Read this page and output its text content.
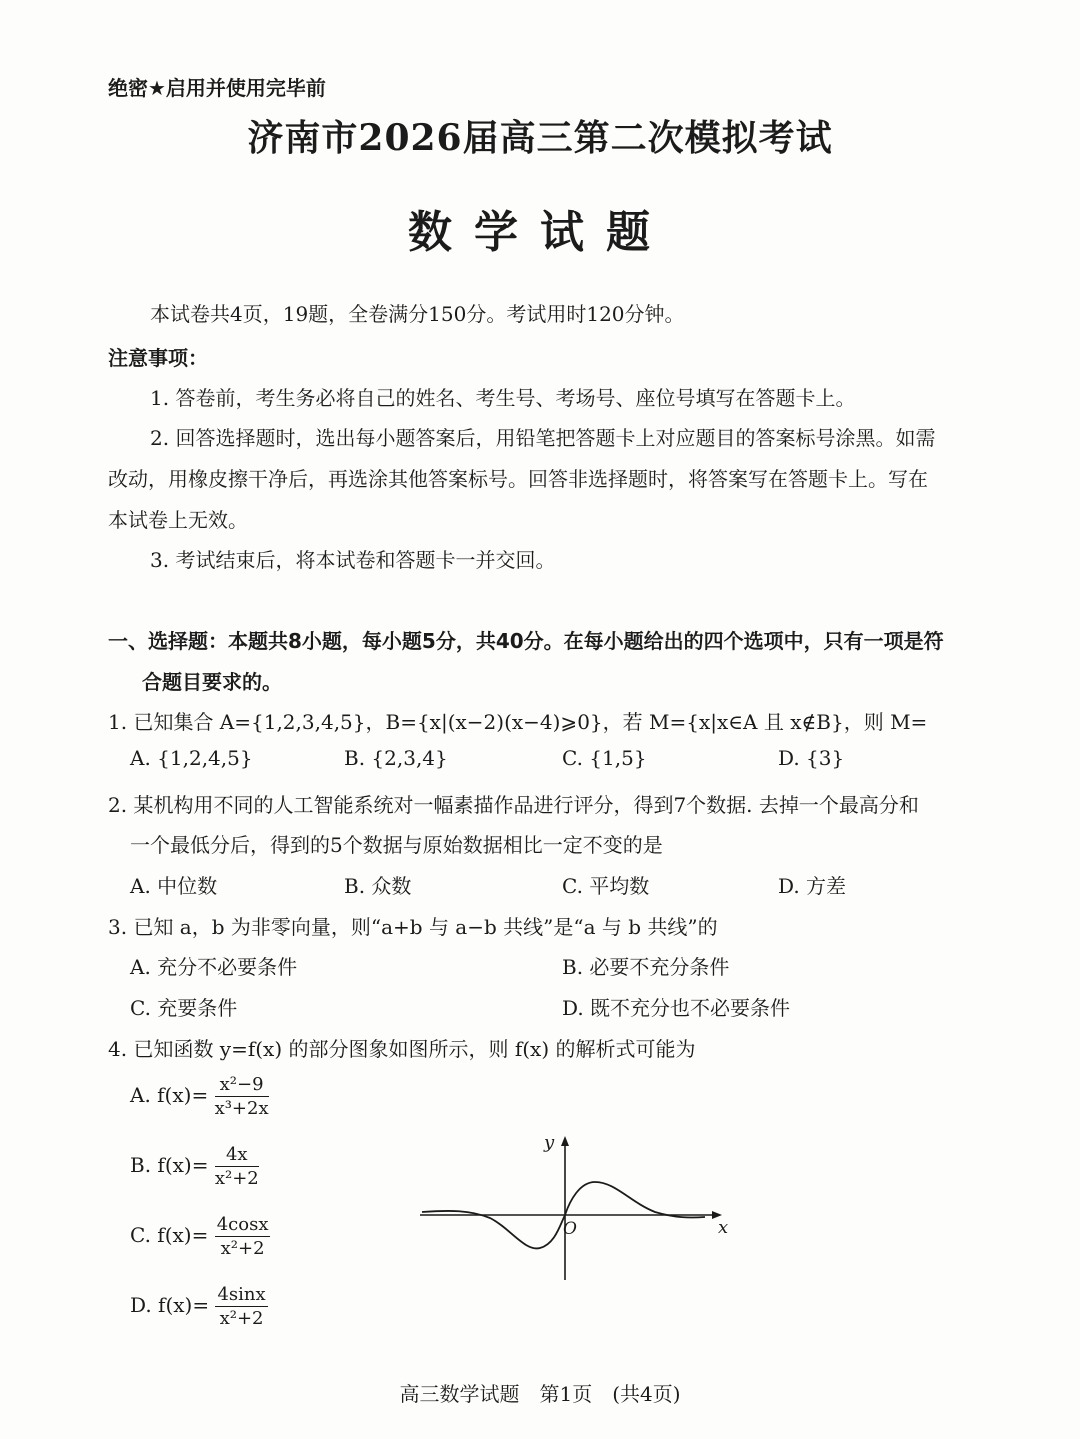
绝密★启用并使用完毕前
济南市2026届高三第二次模拟考试
数学试题
本试卷共4页，19题，全卷满分150分。考试用时120分钟。
注意事项：
1. 答卷前，考生务必将自己的姓名、考生号、考场号、座位号填写在答题卡上。
2. 回答选择题时，选出每小题答案后，用铅笔把答题卡上对应题目的答案标号涂黑。如需
改动，用橡皮擦干净后，再选涂其他答案标号。回答非选择题时，将答案写在答题卡上。写在
本试卷上无效。
3. 考试结束后，将本试卷和答题卡一并交回。
一、选择题：本题共8小题，每小题5分，共40分。在每小题给出的四个选项中，只有一项是符
合题目要求的。
1. 已知集合 A={1,2,3,4,5}，B={x|(x−2)(x−4)⩾0}，若 M={x|x∈A 且 x∉B}，则 M=
A. {1,2,4,5}	B. {2,3,4}	C. {1,5}	D. {3}
2. 某机构用不同的人工智能系统对一幅素描作品进行评分，得到7个数据. 去掉一个最高分和
一个最低分后，得到的5个数据与原始数据相比一定不变的是
A. 中位数	B. 众数	C. 平均数	D. 方差
3. 已知 a，b 为非零向量，则“a+b 与 a−b 共线”是“a 与 b 共线”的
A. 充分不必要条件	B. 必要不充分条件
C. 充要条件	D. 既不充分也不必要条件
4. 已知函数 y=f(x) 的部分图象如图所示，则 f(x) 的解析式可能为
A. $f(x)= \frac{\text{x²−9}}{\text{x³+2x}}$
B. $f(x)= \frac{4x}{\text{x²+2}}$
C. $f(x)= \frac{4\cos x}{\text{x²+2}}$
D. $f(x)= \frac{4\sin x}{\text{x²+2}}$
x
y
O
高三数学试题　第1页　(共4页)
